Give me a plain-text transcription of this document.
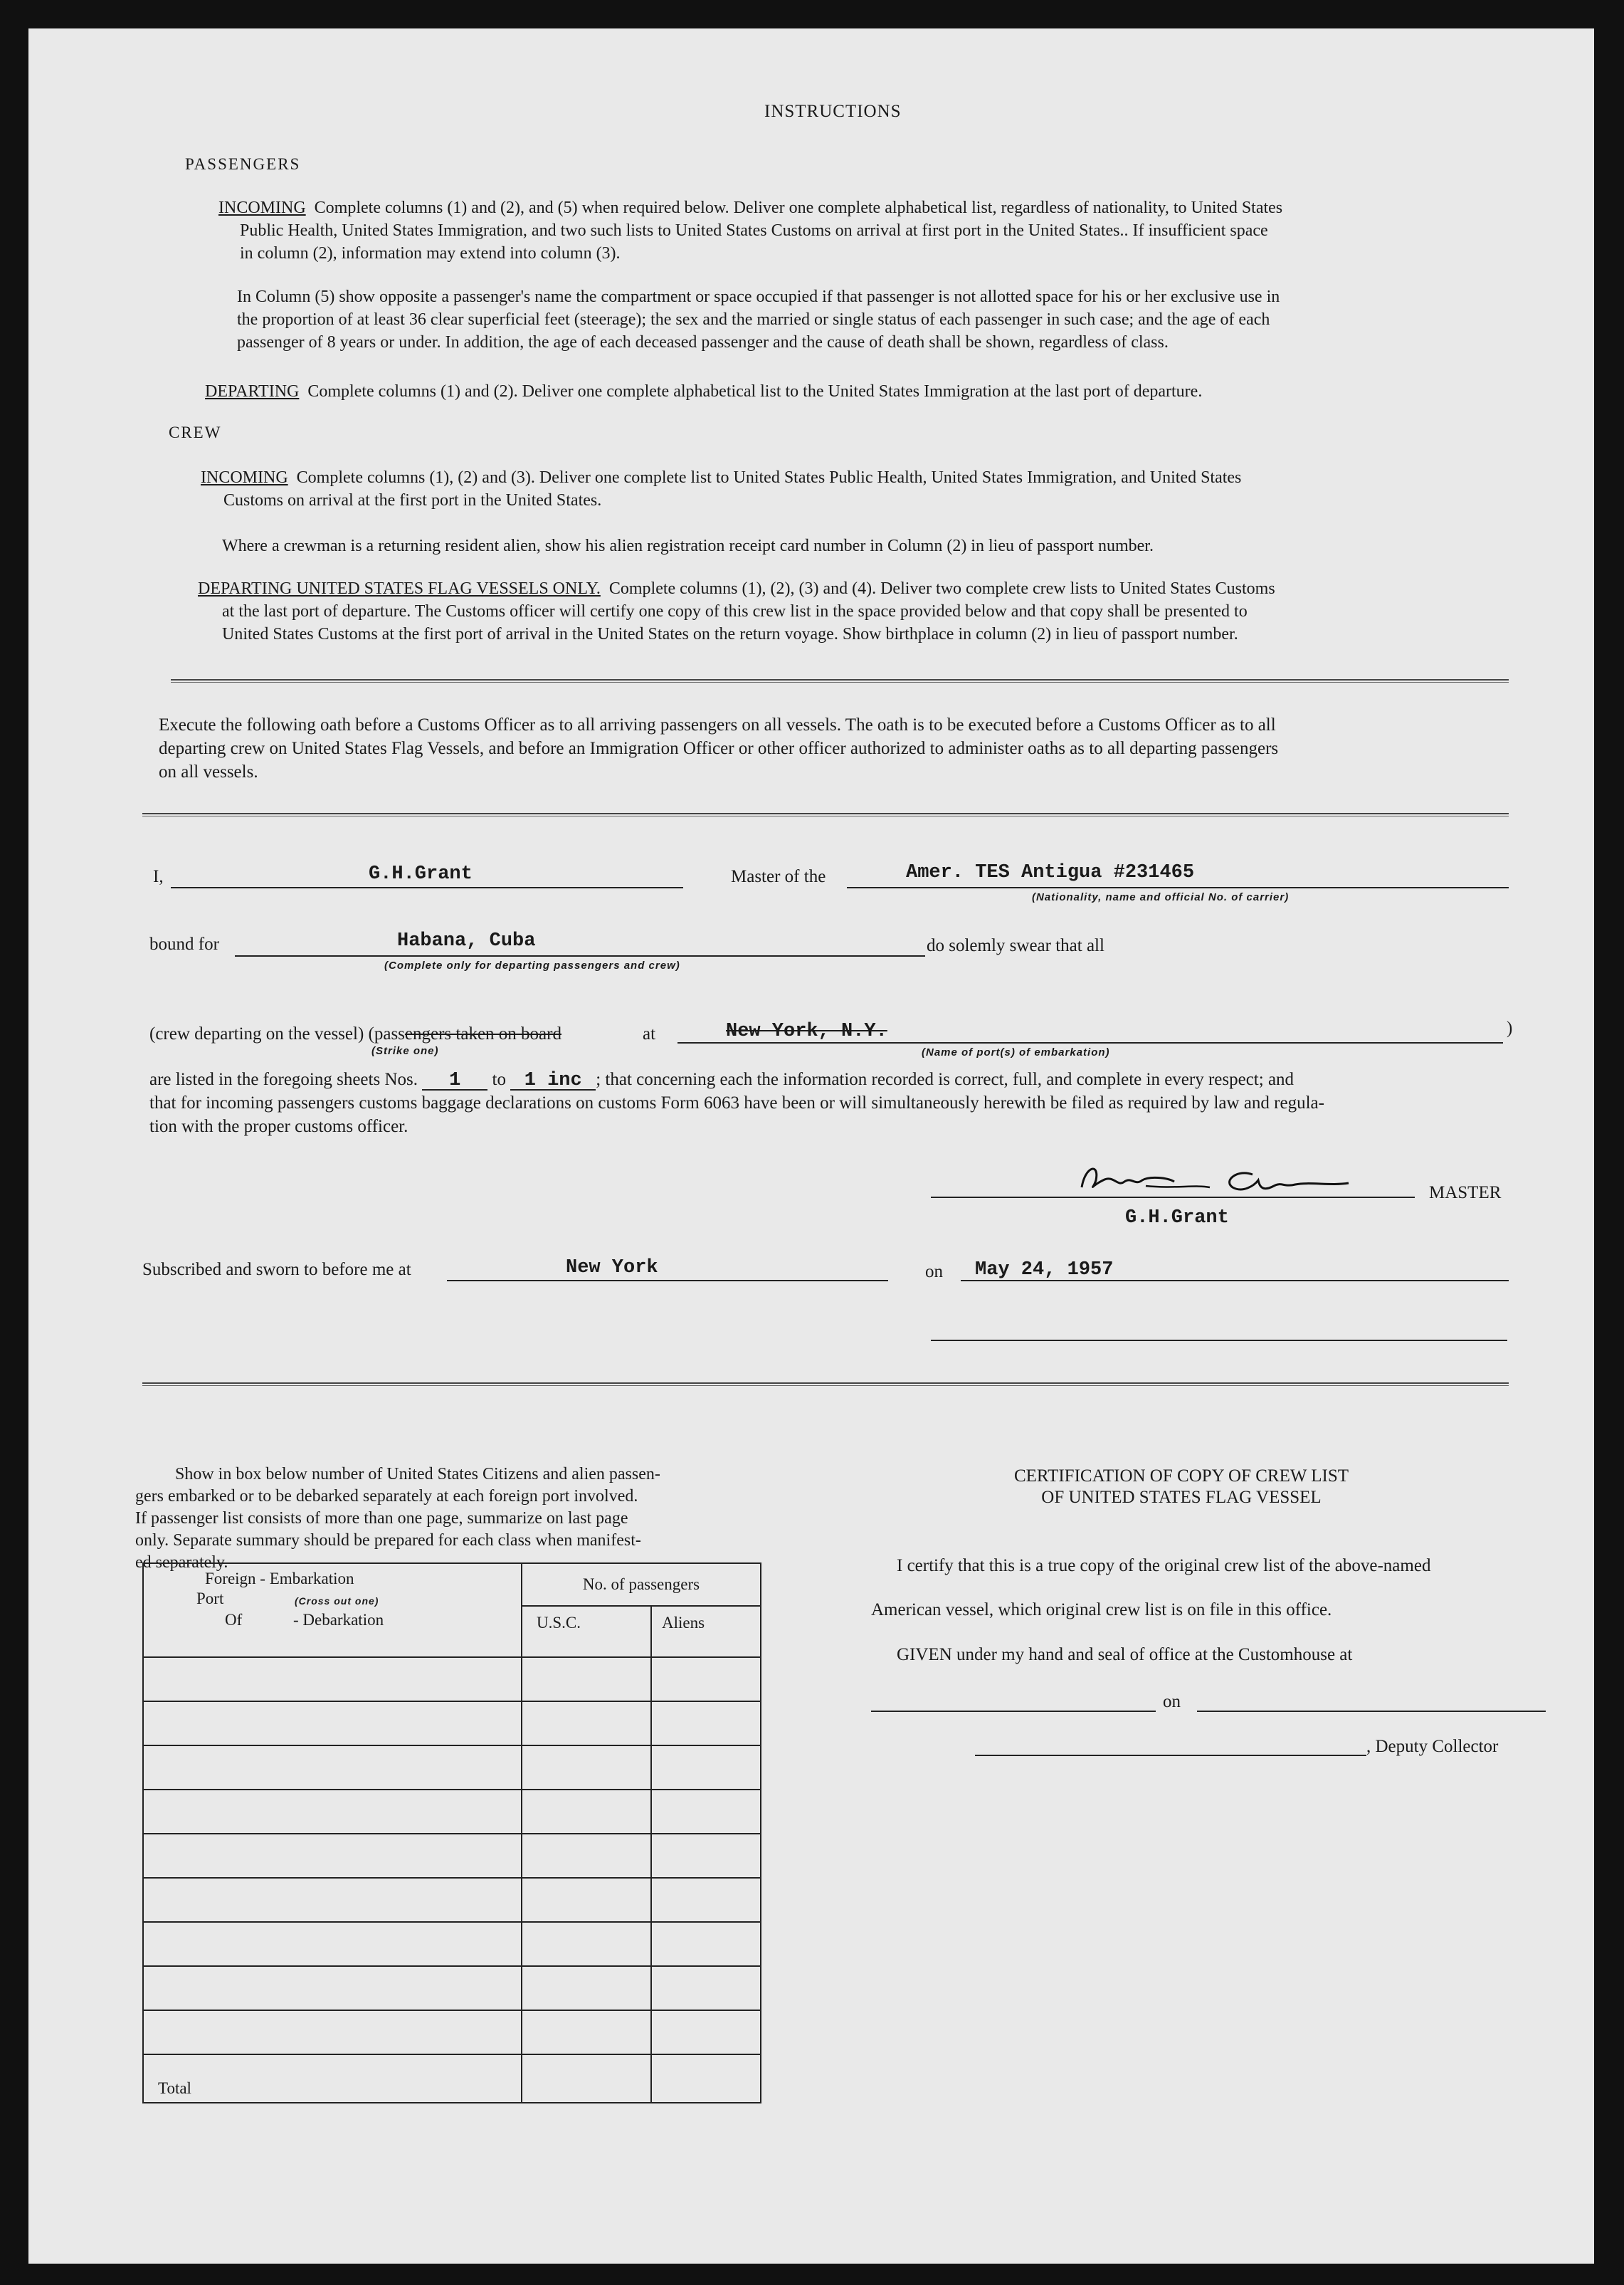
INSTRUCTIONS
PASSENGERS
INCOMING Complete columns (1) and (2), and (5) when required below. Deliver one complete alphabetical list, regardless of nationality, to United States
Public Health, United States Immigration, and two such lists to United States Customs on arrival at first port in the United States.. If insufficient space
in column (2), information may extend into column (3).
In Column (5) show opposite a passenger's name the compartment or space occupied if that passenger is not allotted space for his or her exclusive use in
the proportion of at least 36 clear superficial feet (steerage); the sex and the married or single status of each passenger in such case; and the age of each
passenger of 8 years or under. In addition, the age of each deceased passenger and the cause of death shall be shown, regardless of class.
DEPARTING Complete columns (1) and (2). Deliver one complete alphabetical list to the United States Immigration at the last port of departure.
CREW
INCOMING Complete columns (1), (2) and (3). Deliver one complete list to United States Public Health, United States Immigration, and United States
Customs on arrival at the first port in the United States.
Where a crewman is a returning resident alien, show his alien registration receipt card number in Column (2) in lieu of passport number.
DEPARTING UNITED STATES FLAG VESSELS ONLY. Complete columns (1), (2), (3) and (4). Deliver two complete crew lists to United States Customs
at the last port of departure. The Customs officer will certify one copy of this crew list in the space provided below and that copy shall be presented to
United States Customs at the first port of arrival in the United States on the return voyage. Show birthplace in column (2) in lieu of passport number.
Execute the following oath before a Customs Officer as to all arriving passengers on all vessels. The oath is to be executed before a Customs Officer as to all
departing crew on United States Flag Vessels, and before an Immigration Officer or other officer authorized to administer oaths as to all departing passengers
on all vessels.
I,	G.H.Grant	Master of the	Amer. TES Antigua #231465
(Nationality, name and official No. of carrier)
bound for	Habana, Cuba
(Complete only for departing passengers and crew)
do solemly swear that all
(crew departing on the vessel) (passengers taken on board
(Strike one)
at	New York, N.Y.
(Name of port(s) of embarkation)
)
are listed in the foregoing sheets Nos. 1 to 1 inc ; that concerning each the information recorded is correct, full, and complete in every respect; and
that for incoming passengers customs baggage declarations on customs Form 6063 have been or will simultaneously herewith be filed as required by law and regula-
tion with the proper customs officer.
MASTER
G.H.Grant
Subscribed and sworn to before me at	New York	on May 24, 1957
Show in box below number of United States Citizens and alien passen-
gers embarked or to be debarked separately at each foreign port involved.
If passenger list consists of more than one page, summarize on last page
only. Separate summary should be prepared for each class when manifest-
ed separately.
Foreign - Embarkation
Port (Cross out one)
Of - Debarkation	No. of passengers	
	U.S.C.	Aliens

Total		
CERTIFICATION OF COPY OF CREW LIST
OF UNITED STATES FLAG VESSEL
I certify that this is a true copy of the original crew list of the above-named
American vessel, which original crew list is on file in this office.
GIVEN under my hand and seal of office at the Customhouse at
on
, Deputy Collector
